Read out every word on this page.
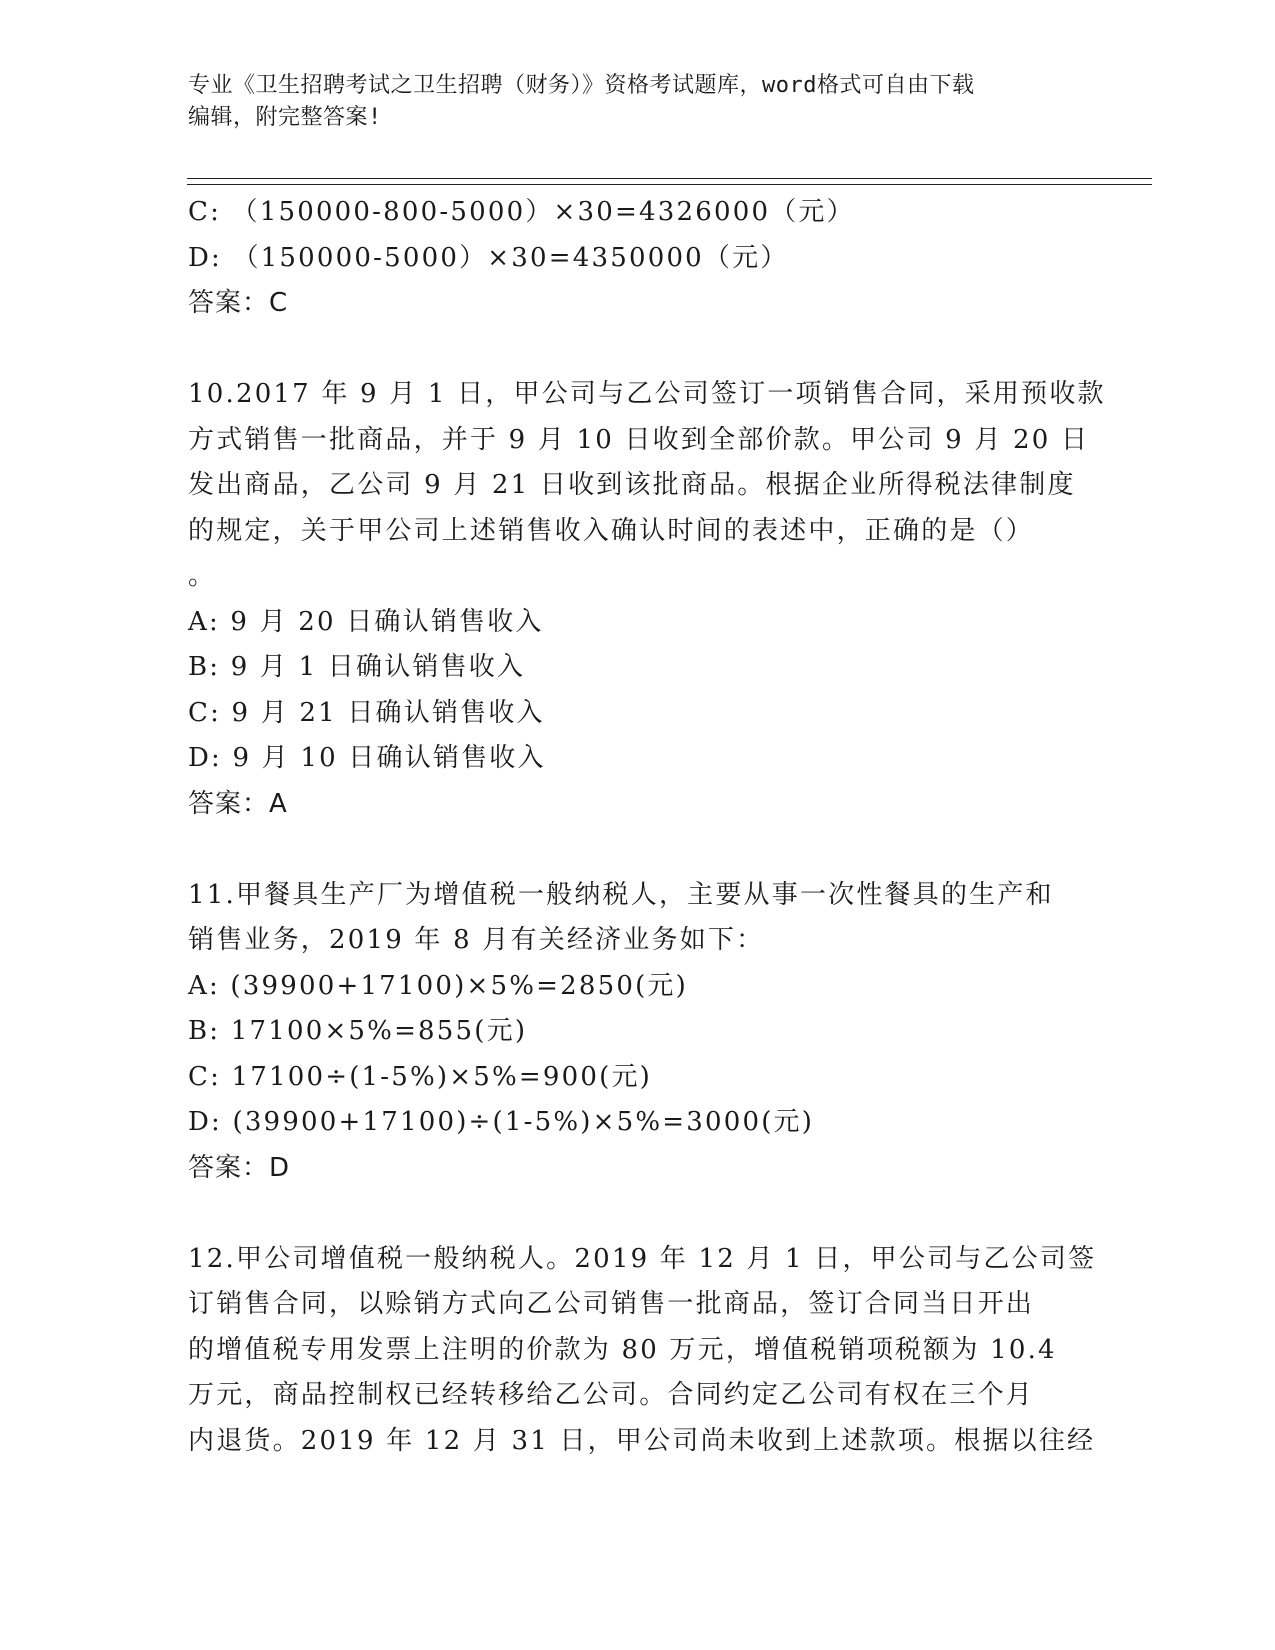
专业《卫生招聘考试之卫生招聘（财务）》资格考试题库，word格式可自由下载
编辑，附完整答案!
C: （150000-800-5000）×30=4326000（元）
D: （150000-5000）×30=4350000（元）
答案：C
10.2017 年 9 月 1 日，甲公司与乙公司签订一项销售合同，采用预收款
方式销售一批商品，并于 9 月 10 日收到全部价款。甲公司 9 月 20 日
发出商品，乙公司 9 月 21 日收到该批商品。根据企业所得税法律制度
的规定，关于甲公司上述销售收入确认时间的表述中，正确的是（）
。
A: 9 月 20 日确认销售收入
B: 9 月 1 日确认销售收入
C: 9 月 21 日确认销售收入
D: 9 月 10 日确认销售收入
答案：A
11.甲餐具生产厂为增值税一般纳税人，主要从事一次性餐具的生产和
销售业务，2019 年 8 月有关经济业务如下：
A: (39900+17100)×5%=2850(元)
B: 17100×5%=855(元)
C: 17100÷(1-5%)×5%=900(元)
D: (39900+17100)÷(1-5%)×5%=3000(元)
答案：D
12.甲公司增值税一般纳税人。2019 年 12 月 1 日，甲公司与乙公司签
订销售合同，以赊销方式向乙公司销售一批商品，签订合同当日开出
的增值税专用发票上注明的价款为 80 万元，增值税销项税额为 10.4
万元，商品控制权已经转移给乙公司。合同约定乙公司有权在三个月
内退货。2019 年 12 月 31 日，甲公司尚未收到上述款项。根据以往经
